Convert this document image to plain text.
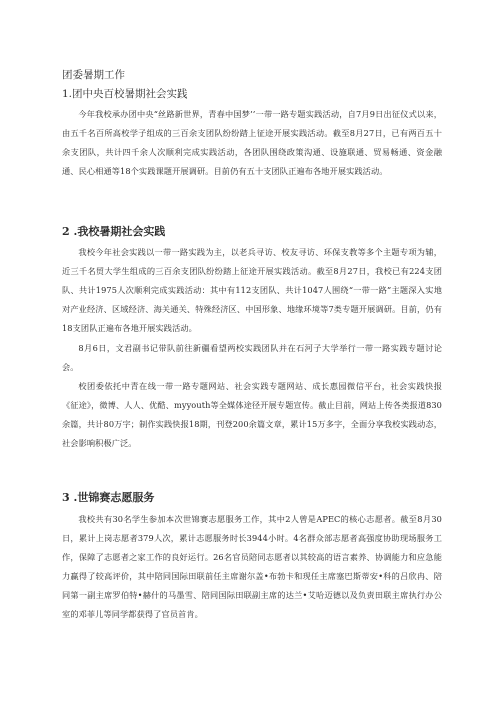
团委暑期工作
1.团中央百校暑期社会实践

今年我校承办团中央“丝路新世界，青春中国梦’’一带一路专题实践活动，自7月9日出征仪式以来，由五千名百所高校学子组成的三百余支团队纷纷踏上征途开展实践活动。截至8月27日，已有两百五十余支团队，共计四千余人次顺利完成实践活动，各团队围绕政策沟通、设施联通、贸易畅通、资金融通、民心相通等18个实践课题开展调研。目前仍有五十支团队正遍布各地开展实践活动。

2 .我校暑期社会实践

我校今年社会实践以一带一路实践为主，以老兵寻访、校友寻访、环保支教等多个主题专项为辅，近三千名贸大学生组成的三百余支团队纷纷踏上征途开展实践活动。截至8月27日，我校已有224支团队、共计1975人次顺利完成实践活动：其中有112支团队、共计1047人围绕“一带一路”主题深入实地对产业经济、区域经济、海关通关、特殊经济区、中国形象、地缘环境等7类专题开展调研。目前，仍有18支团队正遍布各地开展实践活动。

8月6日，文君副书记带队前往新疆看望两校实践团队并在石河子大学举行一带一路实践专题讨论会。

校团委依托中青在线一带一路专题网站、社会实践专题网站、成长惠园微信平台，社会实践快报《征途》，微博、人人、优酷、myyouth等全媒体途径开展专题宣传。截止目前，网站上传各类报道830余篇，共计80万字；制作实践快报18期，刊登200余篇文章，累计15万多字，全面分享我校实践动态，社会影响积极广泛。

3 .世锦赛志愿服务

我校共有30名学生参加本次世锦赛志愿服务工作，其中2人曾是APEC的核心志愿者。截至8月30日，累计上岗志愿者379人次，累计志愿服务时长3944小时。4名群众部志愿者高强度协助现场服务工作，保障了志愿者之家工作的良好运行。26名官员陪同志愿者以其较高的语言素养、协调能力和应急能力赢得了较高评价，其中陪同国际田联前任主席谢尔盖•布勃卡和现任主席塞巴斯蒂安•科的吕欣冉、陪同第一副主席罗伯特•赫什的马墨雪、陪同国际田联副主席的达兰•艾哈迈德以及负责田联主席执行办公室的邓菲儿等同学都获得了官员首肯。
